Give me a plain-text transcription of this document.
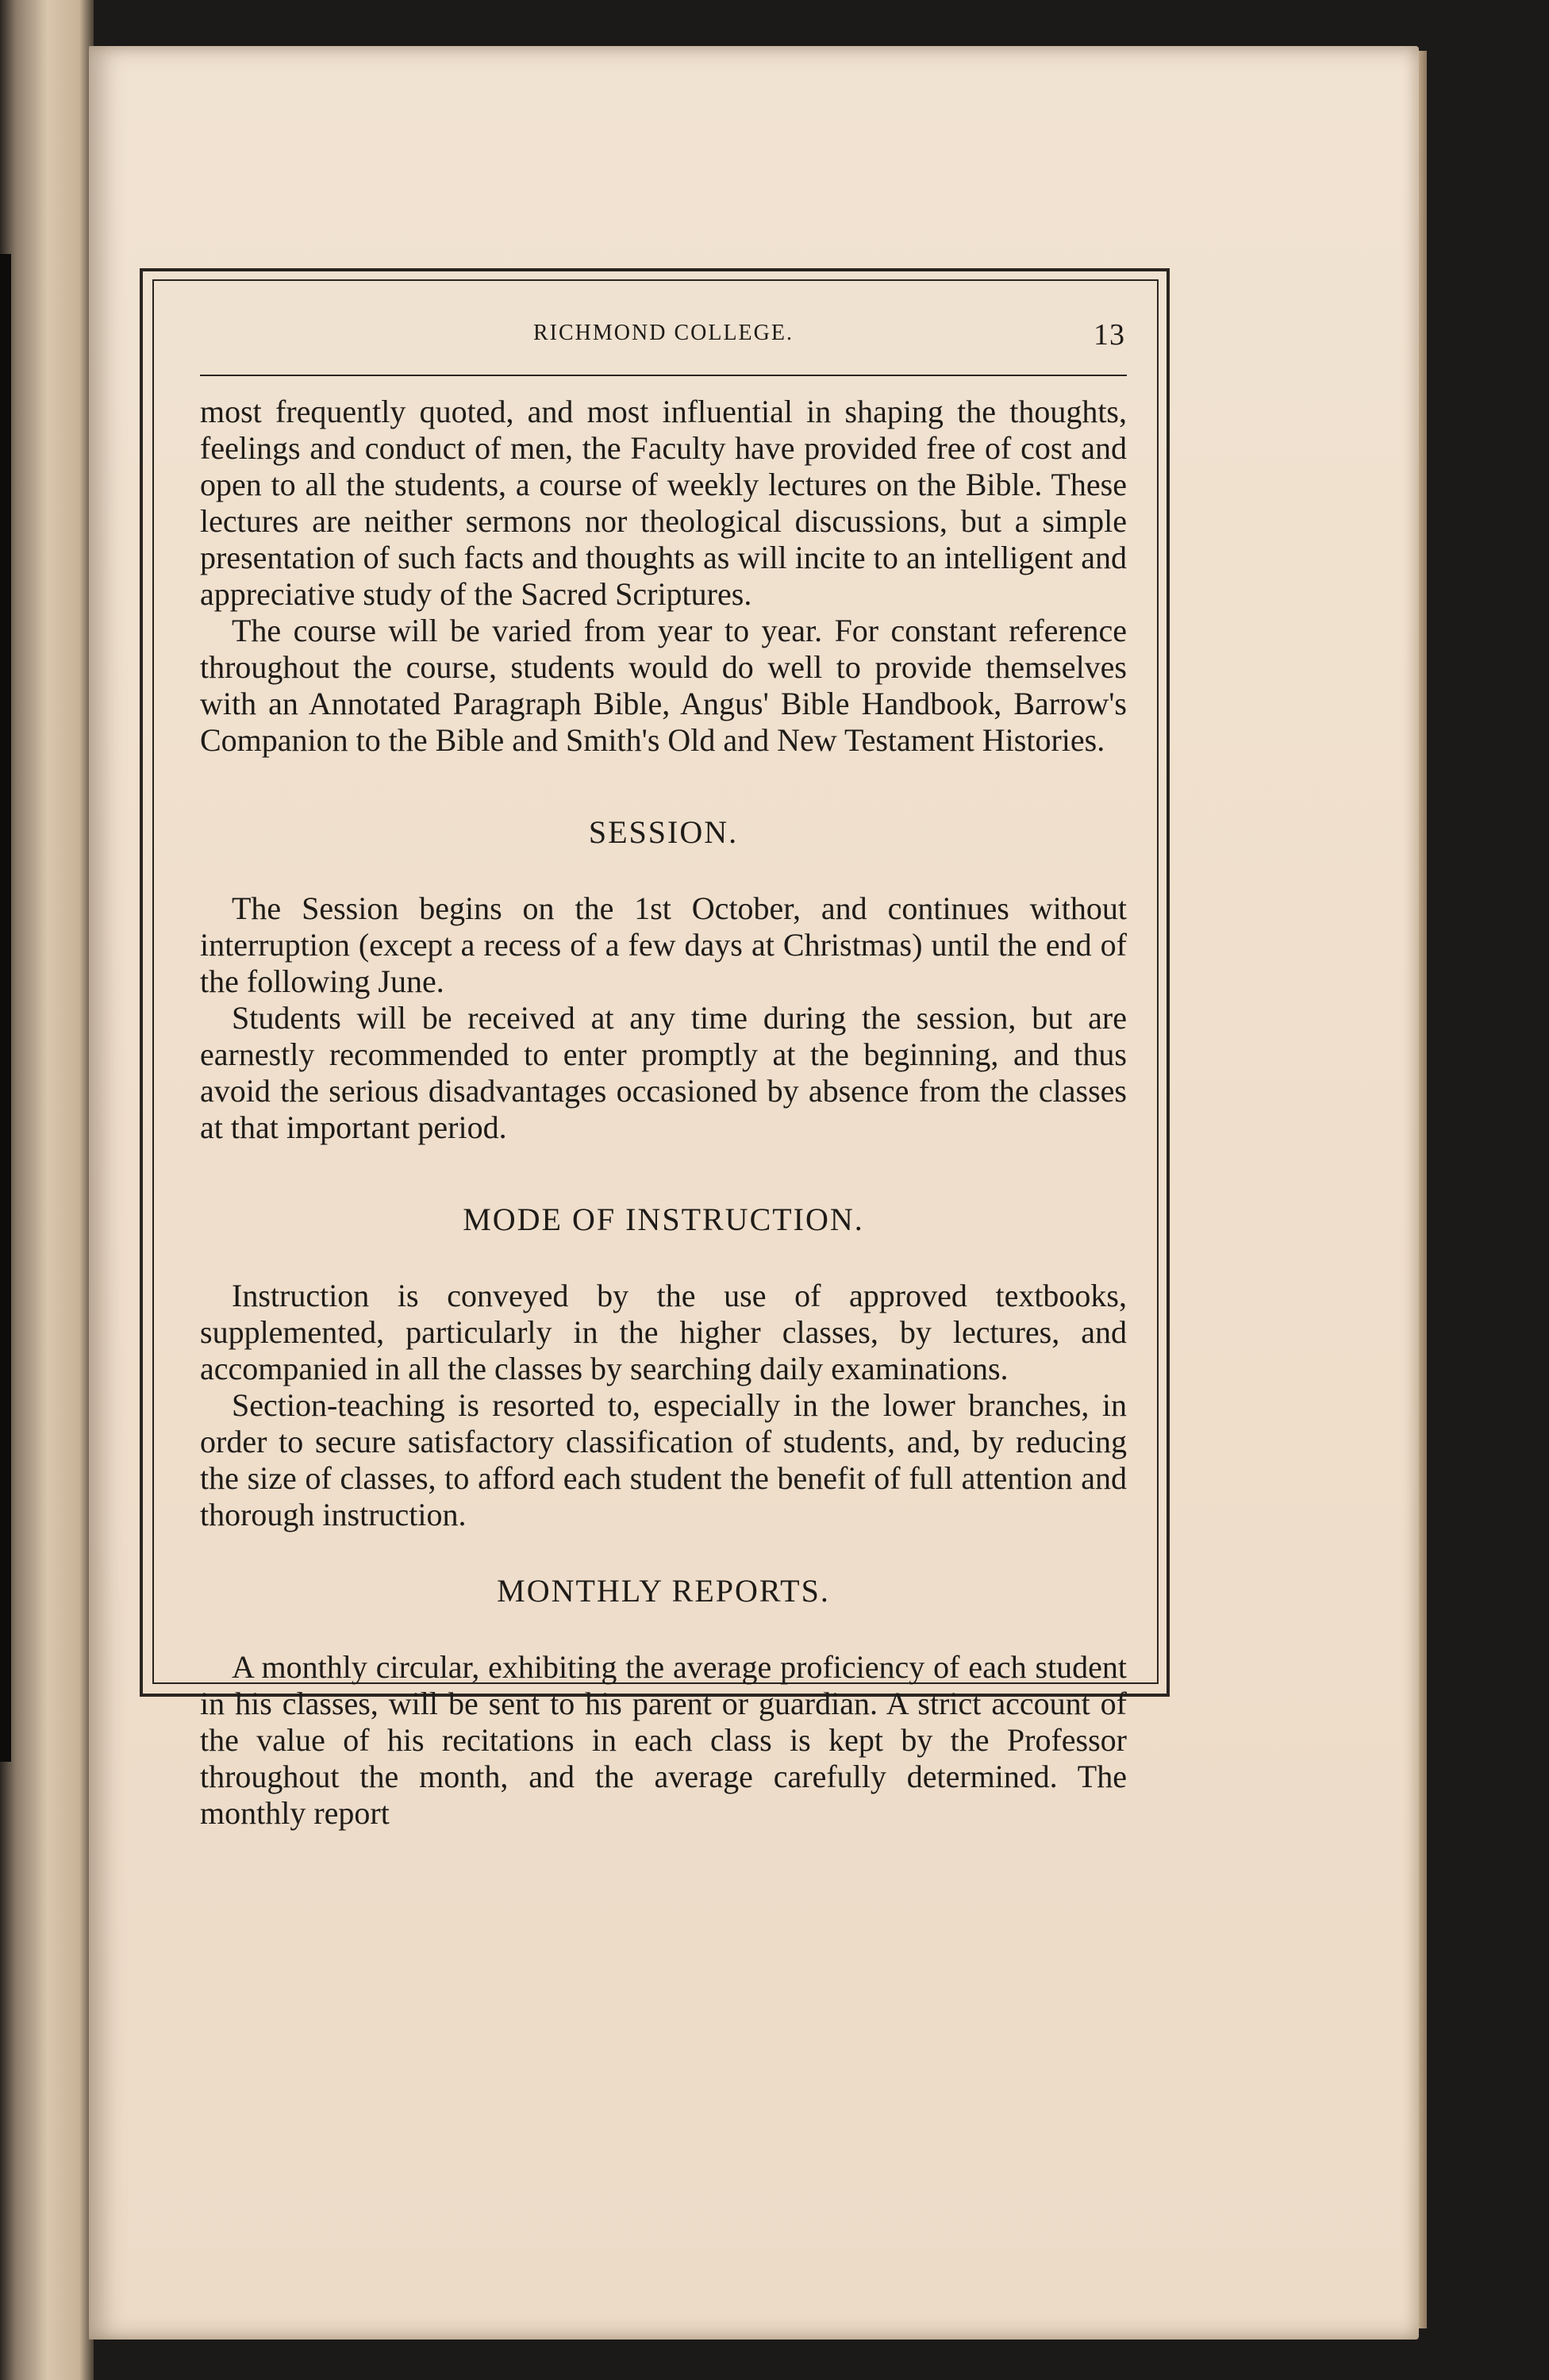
RICHMOND COLLEGE.	13

most frequently quoted, and most influential in shaping the thoughts, feelings and conduct of men, the Faculty have provided free of cost and open to all the students, a course of weekly lectures on the Bible. These lectures are neither sermons nor theological discussions, but a simple presentation of such facts and thoughts as will incite to an intelligent and appreciative study of the Sacred Scriptures.

The course will be varied from year to year. For constant reference throughout the course, students would do well to provide themselves with an Annotated Paragraph Bible, Angus' Bible Handbook, Barrow's Companion to the Bible and Smith's Old and New Testament Histories.

SESSION.

The Session begins on the 1st October, and continues without interruption (except a recess of a few days at Christmas) until the end of the following June.

Students will be received at any time during the session, but are earnestly recommended to enter promptly at the beginning, and thus avoid the serious disadvantages occasioned by absence from the classes at that important period.

MODE OF INSTRUCTION.

Instruction is conveyed by the use of approved textbooks, supplemented, particularly in the higher classes, by lectures, and accompanied in all the classes by searching daily examinations.

Section-teaching is resorted to, especially in the lower branches, in order to secure satisfactory classification of students, and, by reducing the size of classes, to afford each student the benefit of full attention and thorough instruction.

MONTHLY REPORTS.

A monthly circular, exhibiting the average proficiency of each student in his classes, will be sent to his parent or guardian. A strict account of the value of his recitations in each class is kept by the Professor throughout the month, and the average carefully determined. The monthly report
